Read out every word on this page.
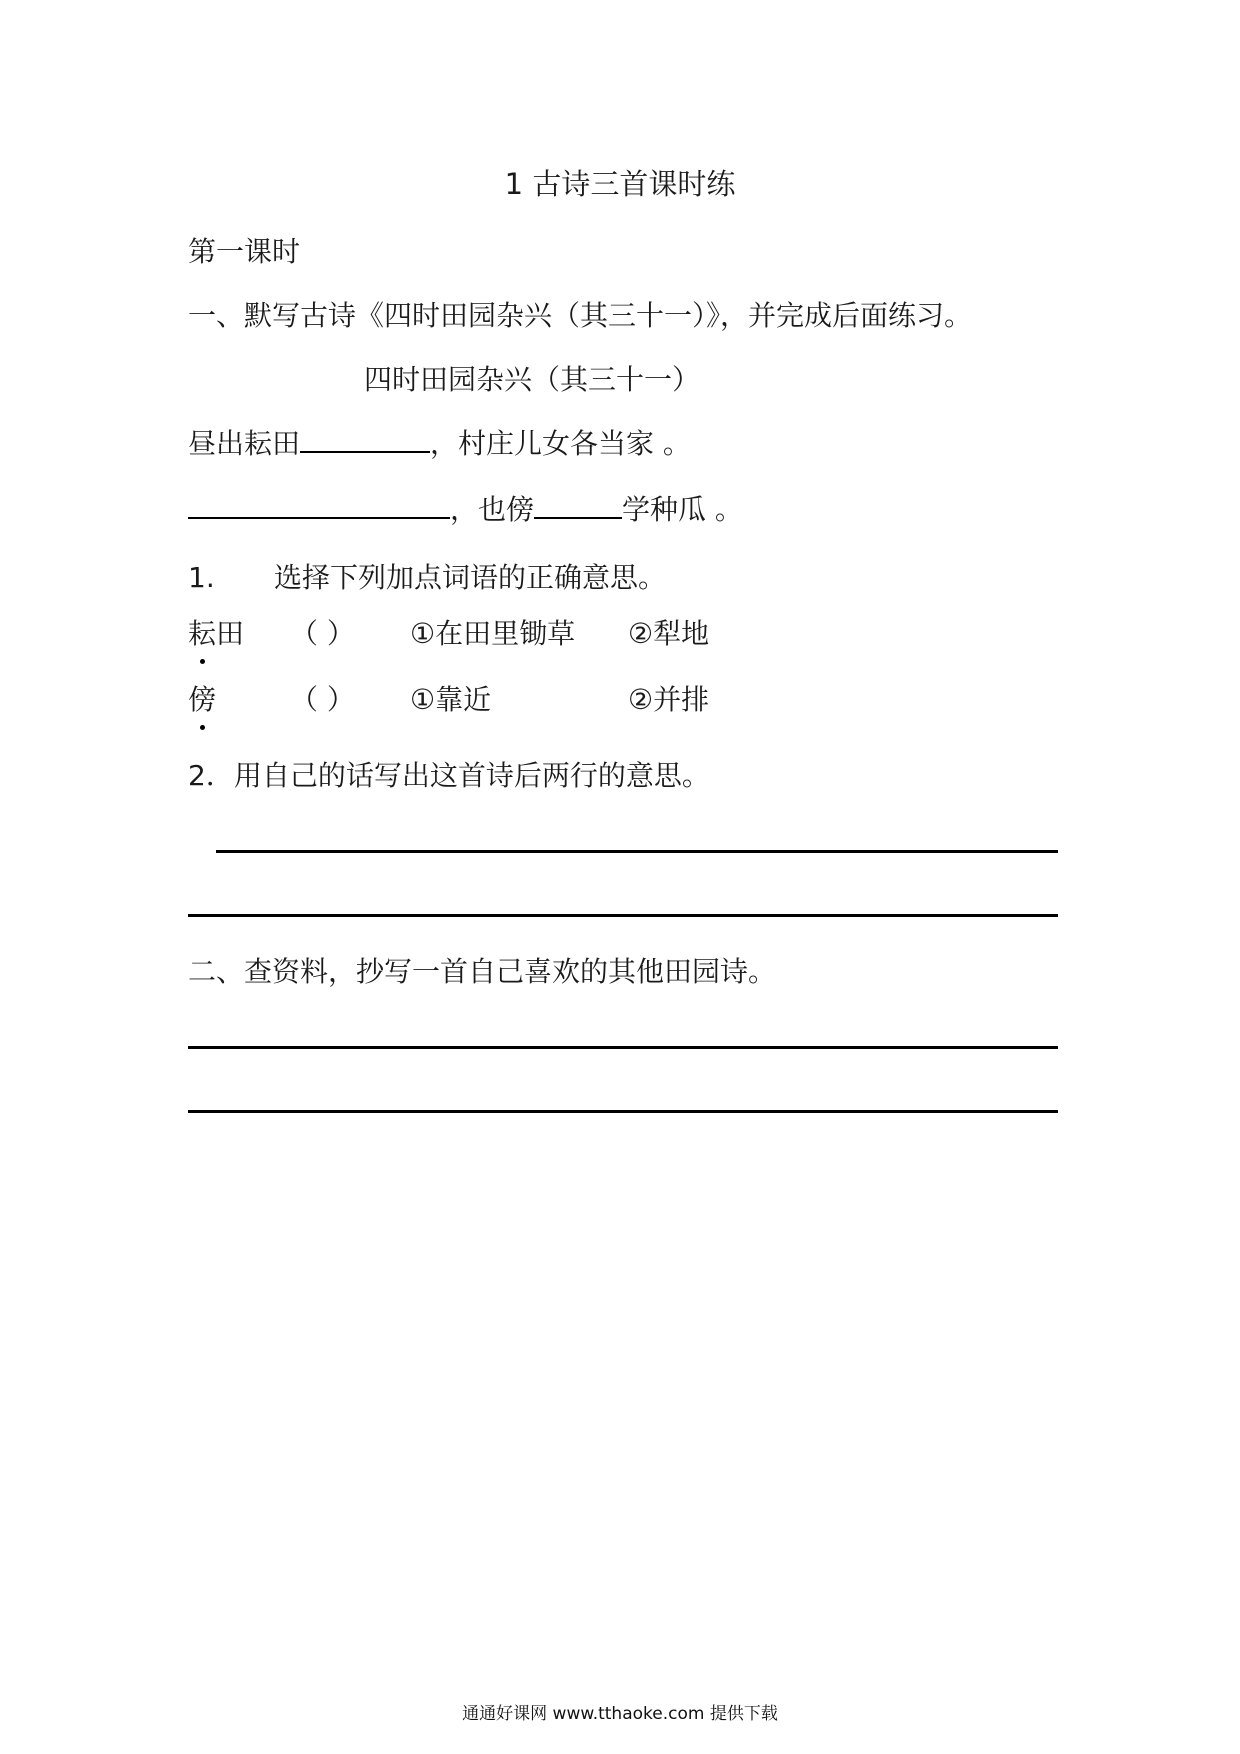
1 古诗三首课时练
第一课时
一、默写古诗《四时田园杂兴（其三十一）》，并完成后面练习。
四时田园杂兴（其三十一）
昼出耘田	，村庄儿女各当家 。
，也傍	学种瓜 。
1. 选择下列加点词语的正确意思。
耘田 （ ） ①在田里锄草 ②犁地
傍	（ ） ①靠近	②并排
2．用自己的话写出这首诗后两行的意思。
二、查资料，抄写一首自己喜欢的其他田园诗。
通通好课网 www.tthaoke.com 提供下载
